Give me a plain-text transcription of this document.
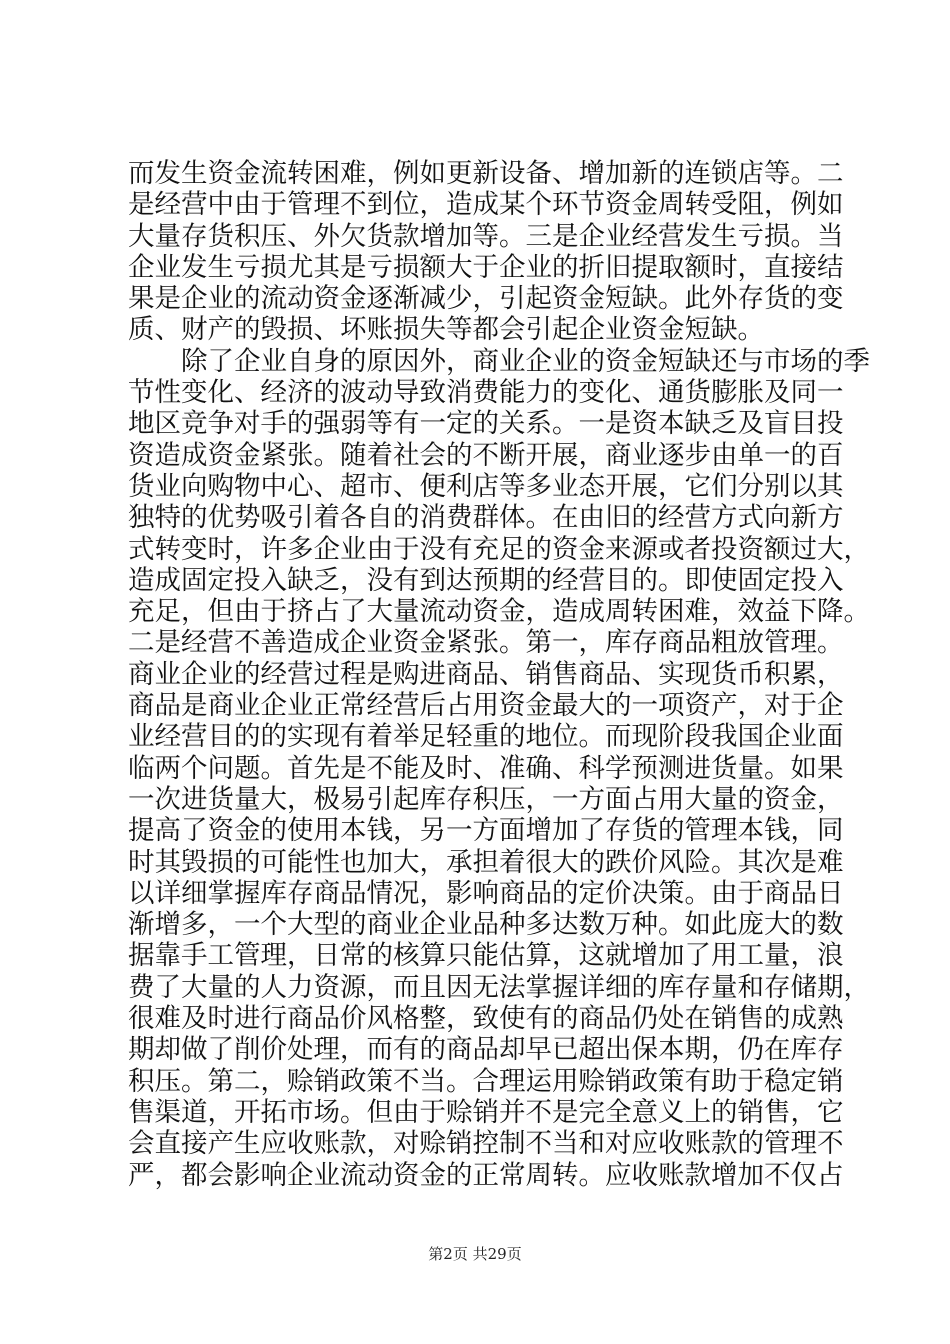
而发生资金流转困难，例如更新设备、增加新的连锁店等。二
是经营中由于管理不到位，造成某个环节资金周转受阻，例如
大量存货积压、外欠货款增加等。三是企业经营发生亏损。当
企业发生亏损尤其是亏损额大于企业的折旧提取额时，直接结
果是企业的流动资金逐渐减少，引起资金短缺。此外存货的变
质、财产的毁损、坏账损失等都会引起企业资金短缺。
除了企业自身的原因外，商业企业的资金短缺还与市场的季
节性变化、经济的波动导致消费能力的变化、通货膨胀及同一
地区竞争对手的强弱等有一定的关系。一是资本缺乏及盲目投
资造成资金紧张。随着社会的不断开展，商业逐步由单一的百
货业向购物中心、超市、便利店等多业态开展，它们分别以其
独特的优势吸引着各自的消费群体。在由旧的经营方式向新方
式转变时，许多企业由于没有充足的资金来源或者投资额过大，
造成固定投入缺乏，没有到达预期的经营目的。即使固定投入
充足，但由于挤占了大量流动资金，造成周转困难，效益下降。
二是经营不善造成企业资金紧张。第一，库存商品粗放管理。
商业企业的经营过程是购进商品、销售商品、实现货币积累，
商品是商业企业正常经营后占用资金最大的一项资产，对于企
业经营目的的实现有着举足轻重的地位。而现阶段我国企业面
临两个问题。首先是不能及时、准确、科学预测进货量。如果
一次进货量大，极易引起库存积压，一方面占用大量的资金，
提高了资金的使用本钱，另一方面增加了存货的管理本钱，同
时其毁损的可能性也加大，承担着很大的跌价风险。其次是难
以详细掌握库存商品情况，影响商品的定价决策。由于商品日
渐增多，一个大型的商业企业品种多达数万种。如此庞大的数
据靠手工管理，日常的核算只能估算，这就增加了用工量，浪
费了大量的人力资源，而且因无法掌握详细的库存量和存储期，
很难及时进行商品价风格整，致使有的商品仍处在销售的成熟
期却做了削价处理，而有的商品却早已超出保本期，仍在库存
积压。第二，赊销政策不当。合理运用赊销政策有助于稳定销
售渠道，开拓市场。但由于赊销并不是完全意义上的销售，它
会直接产生应收账款，对赊销控制不当和对应收账款的管理不
严，都会影响企业流动资金的正常周转。应收账款增加不仅占
第2页 共29页
